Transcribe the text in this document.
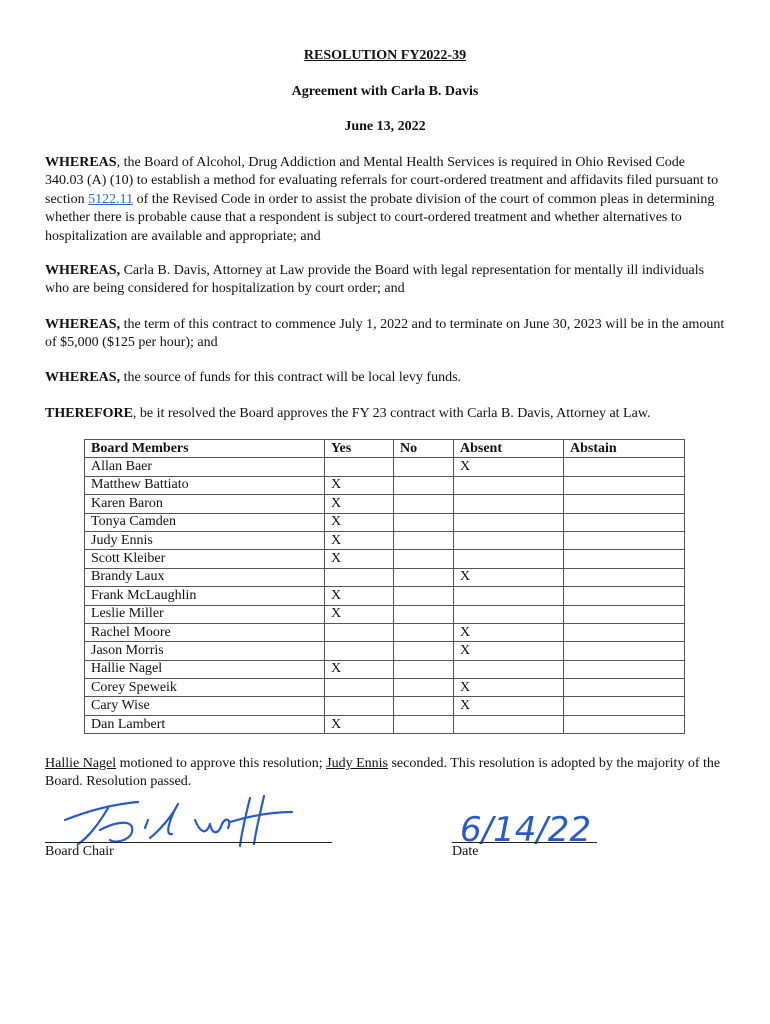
RESOLUTION FY2022-39
Agreement with Carla B. Davis
June 13, 2022

WHEREAS, the Board of Alcohol, Drug Addiction and Mental Health Services is required in Ohio Revised Code 340.03 (A) (10) to establish a method for evaluating referrals for court-ordered treatment and affidavits filed pursuant to section 5122.11 of the Revised Code in order to assist the probate division of the court of common pleas in determining whether there is probable cause that a respondent is subject to court-ordered treatment and whether alternatives to hospitalization are available and appropriate; and

WHEREAS, Carla B. Davis, Attorney at Law provide the Board with legal representation for mentally ill individuals who are being considered for hospitalization by court order; and

WHEREAS, the term of this contract to commence July 1, 2022 and to terminate on June 30, 2023 will be in the amount of $5,000 ($125 per hour); and

WHEREAS, the source of funds for this contract will be local levy funds.

THEREFORE, be it resolved the Board approves the FY 23 contract with Carla B. Davis, Attorney at Law.

Board Members	Yes	No	Absent	Abstain
Allan Baer			X	
Matthew Battiato	X			
Karen Baron	X			
Tonya Camden	X			
Judy Ennis	X			
Scott Kleiber	X			
Brandy Laux			X	
Frank McLaughlin	X			
Leslie Miller	X			
Rachel Moore			X	
Jason Morris			X	
Hallie Nagel	X			
Corey Speweik			X	
Cary Wise			X	
Dan Lambert	X			

Hallie Nagel motioned to approve this resolution; Judy Ennis seconded. This resolution is adopted by the majority of the Board. Resolution passed.

Board Chair
6/14/22
Date
